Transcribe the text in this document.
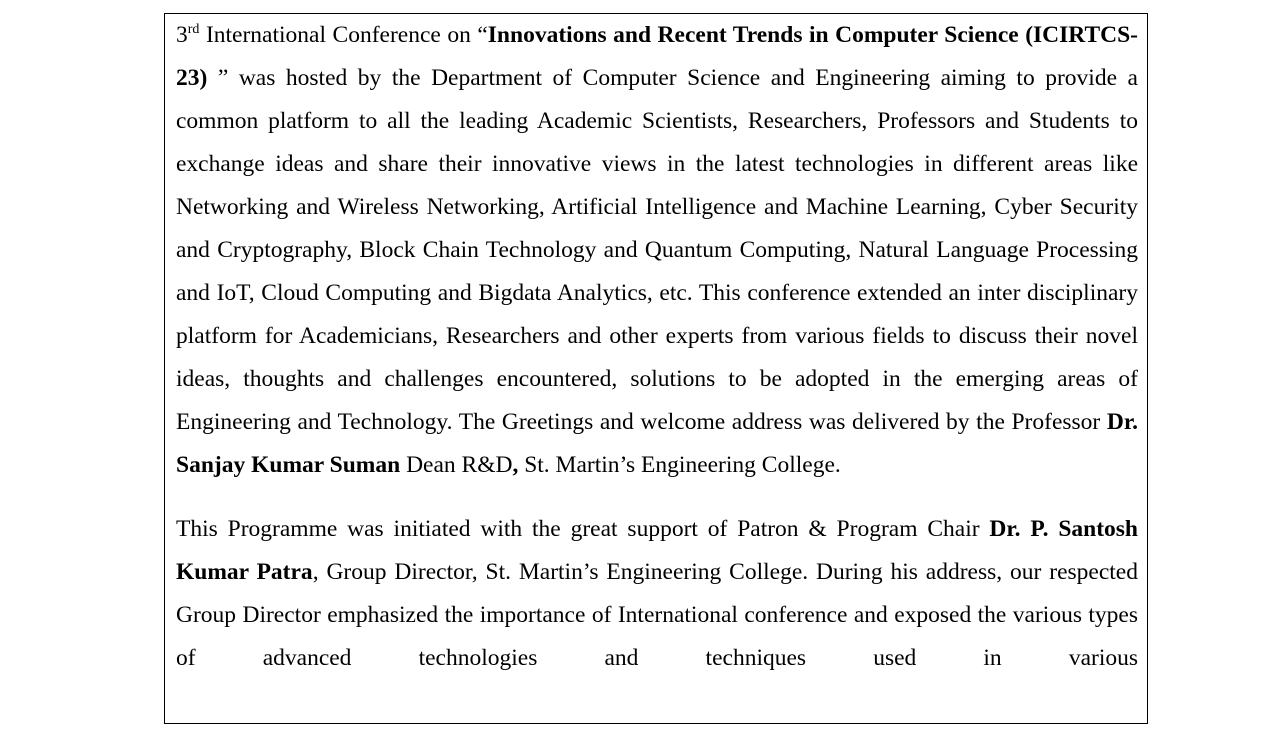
3rd International Conference on “Innovations and Recent Trends in Computer Science (ICIRTCS-23) ” was hosted by the Department of Computer Science and Engineering aiming to provide a common platform to all the leading Academic Scientists, Researchers, Professors and Students to exchange ideas and share their innovative views in the latest technologies in different areas like Networking and Wireless Networking, Artificial Intelligence and Machine Learning, Cyber Security and Cryptography, Block Chain Technology and Quantum Computing, Natural Language Processing and IoT, Cloud Computing and Bigdata Analytics, etc. This conference extended an inter disciplinary platform for Academicians, Researchers and other experts from various fields to discuss their novel ideas, thoughts and challenges encountered, solutions to be adopted in the emerging areas of Engineering and Technology. The Greetings and welcome address was delivered by the Professor Dr. Sanjay Kumar Suman Dean R&D, St. Martin’s Engineering College.

This Programme was initiated with the great support of Patron & Program Chair Dr. P. Santosh Kumar Patra, Group Director, St. Martin’s Engineering College. During his address, our respected Group Director emphasized the importance of International conference and exposed the various types of advanced technologies and techniques used in various
